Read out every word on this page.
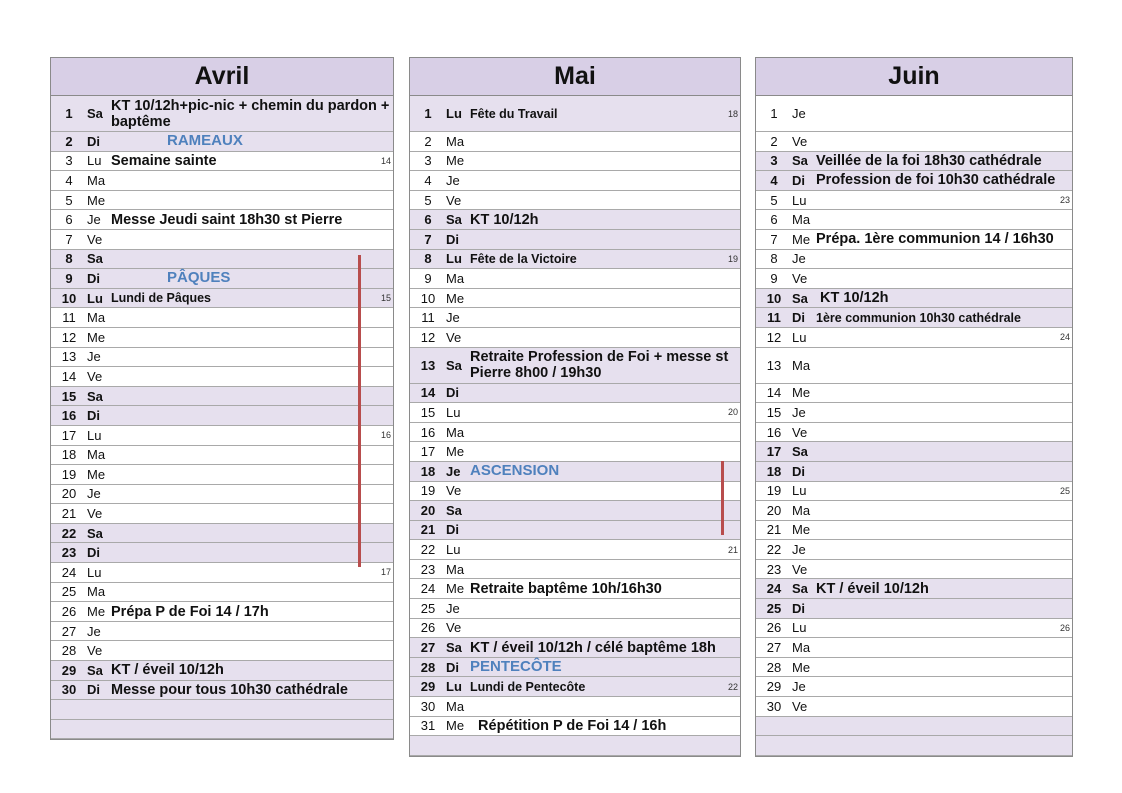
Avril
1	Sa KT 10/12h+pic-nic + chemin du pardon + baptême
2	Di	RAMEAUX
3	Lu Semaine sainte	14
4	Ma
5	Me
6	Je Messe Jeudi saint 18h30 st Pierre
7	Ve
8	Sa
9	Di	PÂQUES
10 Lu Lundi de Pâques	15
11 Ma
12 Me
13 Je
14 Ve
15 Sa
16 Di
17 Lu	16
18 Ma
19 Me
20 Je
21 Ve
22 Sa
23 Di
24 Lu	17
25 Ma
26 Me Prépa P de Foi 14 / 17h
27 Je
28 Ve
29 Sa KT / éveil 10/12h
30 Di Messe pour tous 10h30 cathédrale
Mai
1	Lu Fête du Travail	18
2	Ma
3	Me
4	Je
5	Ve
6	Sa KT 10/12h
7	Di
8	Lu Fête de la Victoire	19
9	Ma
10 Me
11 Je
12 Ve
13 Sa Retraite Profession de Foi + messe st Pierre 8h00 / 19h30
14 Di
15 Lu	20
16 Ma
17 Me
18 Je ASCENSION
19 Ve
20 Sa
21 Di
22 Lu	21
23 Ma
24 Me Retraite baptême 10h/16h30
25 Je
26 Ve
27 Sa KT / éveil 10/12h / célé baptême 18h
28 Di PENTECÔTE
29 Lu Lundi de Pentecôte	22
30 Ma
31 Me Répétition P de Foi 14 / 16h
Juin
1	Je
2	Ve
3	Sa Veillée de la foi 18h30 cathédrale
4	Di Profession de foi 10h30 cathédrale
5	Lu	23
6	Ma
7	Me Prépa. 1ère communion 14 / 16h30
8	Je
9	Ve
10 Sa KT 10/12h
11 Di 1ère communion 10h30 cathédrale
12 Lu	24
13 Ma
14 Me
15 Je
16 Ve
17 Sa
18 Di
19 Lu	25
20 Ma
21 Me
22 Je
23 Ve
24 Sa KT / éveil 10/12h
25 Di
26 Lu	26
27 Ma
28 Me
29 Je
30 Ve
